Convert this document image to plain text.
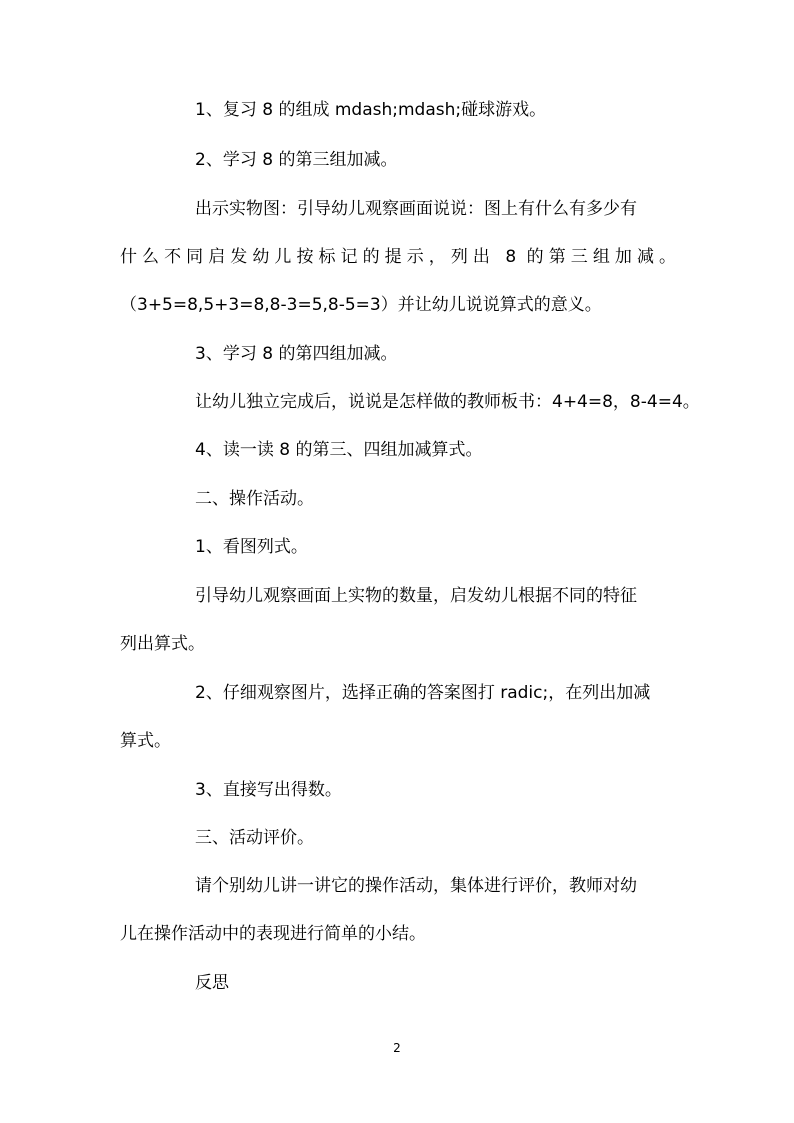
1、复习 8 的组成 mdash;mdash;碰球游戏。
2、学习 8 的第三组加减。
出示实物图：引导幼儿观察画面说说：图上有什么有多少有
什么不同启发幼儿按标记的提示，列出 8 的第三组加减。
（3+5=8,5+3=8,8-3=5,8-5=3）并让幼儿说说算式的意义。
3、学习 8 的第四组加减。
让幼儿独立完成后，说说是怎样做的教师板书：4+4=8，8-4=4。
4、读一读 8 的第三、四组加减算式。
二、操作活动。
1、看图列式。
引导幼儿观察画面上实物的数量，启发幼儿根据不同的特征
列出算式。
2、仔细观察图片，选择正确的答案图打 radic;，在列出加减
算式。
3、直接写出得数。
三、活动评价。
请个别幼儿讲一讲它的操作活动，集体进行评价，教师对幼
儿在操作活动中的表现进行简单的小结。
反思
2
